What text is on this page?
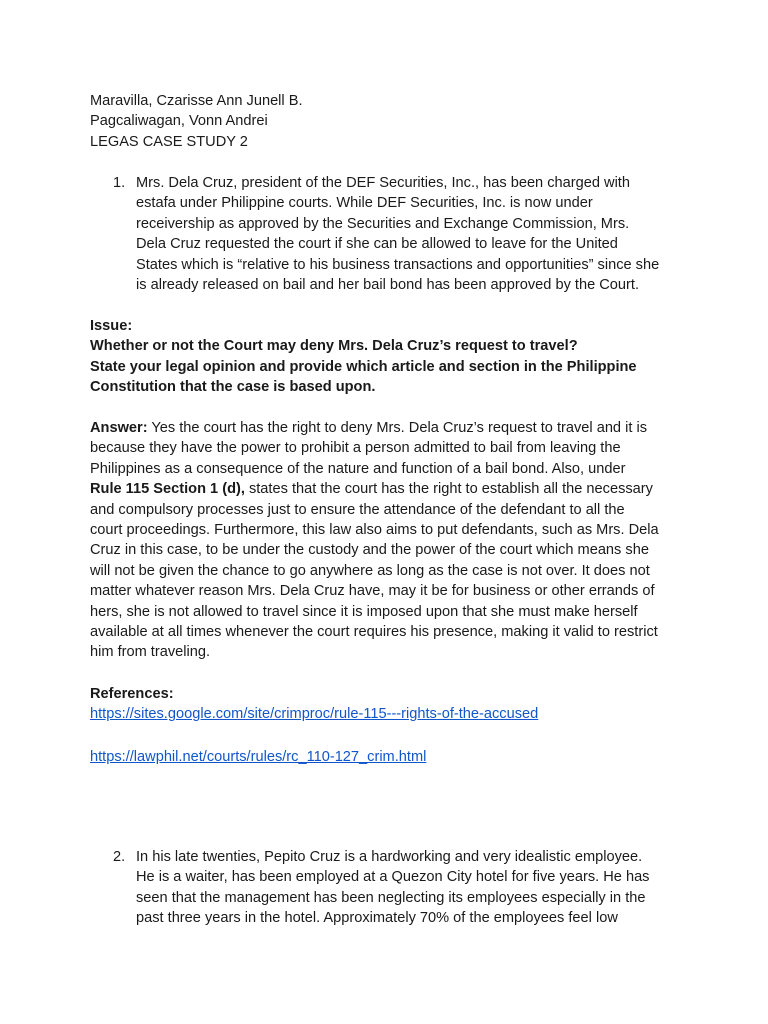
Maravilla, Czarisse Ann Junell B.
Pagcaliwagan, Vonn Andrei
LEGAS CASE STUDY 2
1. Mrs. Dela Cruz, president of the DEF Securities, Inc., has been charged with
estafa under Philippine courts. While DEF Securities, Inc. is now under
receivership as approved by the Securities and Exchange Commission, Mrs.
Dela Cruz requested the court if she can be allowed to leave for the United
States which is “relative to his business transactions and opportunities” since she
is already released on bail and her bail bond has been approved by the Court.
Issue:
Whether or not the Court may deny Mrs. Dela Cruz’s request to travel?
State your legal opinion and provide which article and section in the Philippine
Constitution that the case is based upon.
Answer: Yes the court has the right to deny Mrs. Dela Cruz’s request to travel and it is
because they have the power to prohibit a person admitted to bail from leaving the
Philippines as a consequence of the nature and function of a bail bond. Also, under
Rule 115 Section 1 (d), states that the court has the right to establish all the necessary
and compulsory processes just to ensure the attendance of the defendant to all the
court proceedings. Furthermore, this law also aims to put defendants, such as Mrs. Dela
Cruz in this case, to be under the custody and the power of the court which means she
will not be given the chance to go anywhere as long as the case is not over. It does not
matter whatever reason Mrs. Dela Cruz have, may it be for business or other errands of
hers, she is not allowed to travel since it is imposed upon that she must make herself
available at all times whenever the court requires his presence, making it valid to restrict
him from traveling.
References:
https://sites.google.com/site/crimproc/rule-115---rights-of-the-accused
https://lawphil.net/courts/rules/rc_110-127_crim.html
2. In his late twenties, Pepito Cruz is a hardworking and very idealistic employee.
He is a waiter, has been employed at a Quezon City hotel for five years. He has
seen that the management has been neglecting its employees especially in the
past three years in the hotel. Approximately 70% of the employees feel low
